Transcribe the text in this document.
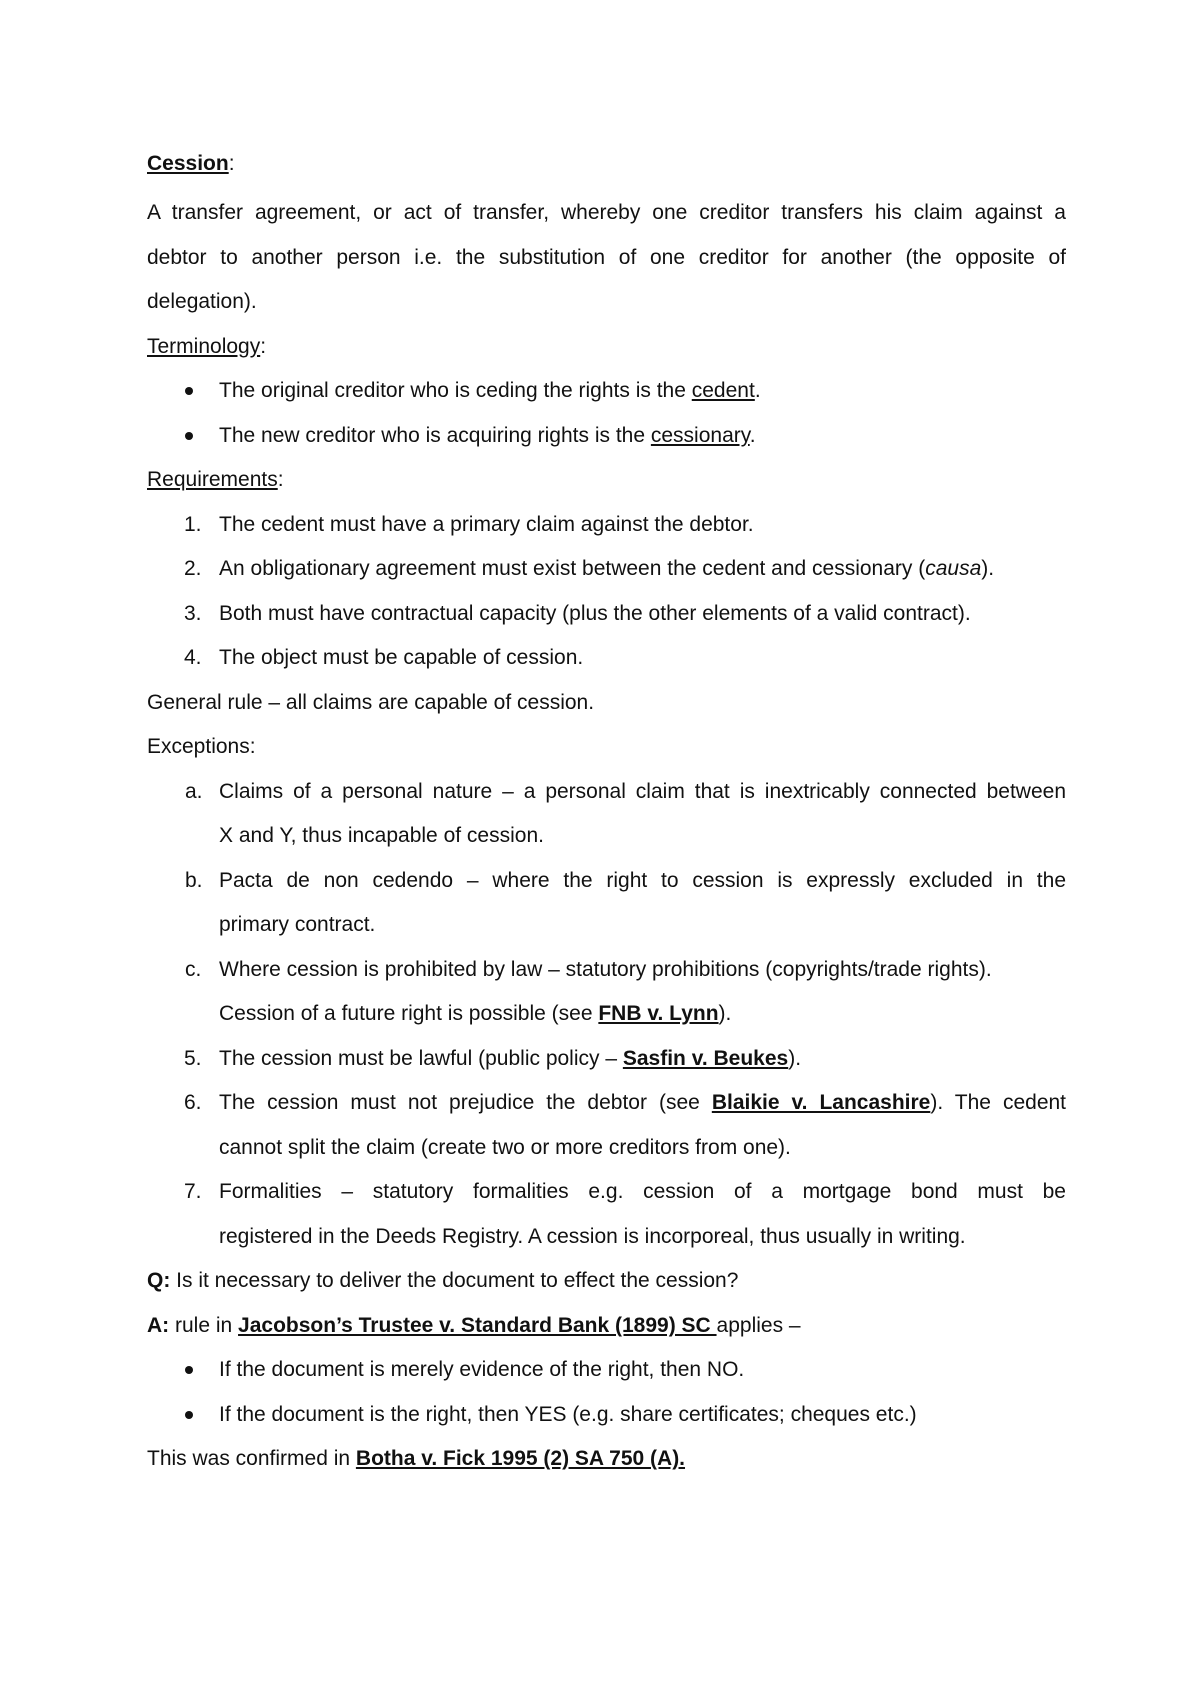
Cession:
A transfer agreement, or act of transfer, whereby one creditor transfers his claim against a
debtor to another person i.e. the substitution of one creditor for another (the opposite of
delegation).
Terminology:
The original creditor who is ceding the rights is the cedent.
The new creditor who is acquiring rights is the cessionary.
Requirements:
1. The cedent must have a primary claim against the debtor.
2. An obligationary agreement must exist between the cedent and cessionary (causa).
3. Both must have contractual capacity (plus the other elements of a valid contract).
4. The object must be capable of cession.
General rule – all claims are capable of cession.
Exceptions:
a. Claims of a personal nature – a personal claim that is inextricably connected between
X and Y, thus incapable of cession.
b. Pacta de non cedendo – where the right to cession is expressly excluded in the
primary contract.
c. Where cession is prohibited by law – statutory prohibitions (copyrights/trade rights).
Cession of a future right is possible (see FNB v. Lynn).
5. The cession must be lawful (public policy – Sasfin v. Beukes).
6. The cession must not prejudice the debtor (see Blaikie v. Lancashire). The cedent
cannot split the claim (create two or more creditors from one).
7. Formalities – statutory formalities e.g. cession of a mortgage bond must be
registered in the Deeds Registry. A cession is incorporeal, thus usually in writing.
Q: Is it necessary to deliver the document to effect the cession?
A: rule in Jacobson’s Trustee v. Standard Bank (1899) SC applies –
If the document is merely evidence of the right, then NO.
If the document is the right, then YES (e.g. share certificates; cheques etc.)
This was confirmed in Botha v. Fick 1995 (2) SA 750 (A).
